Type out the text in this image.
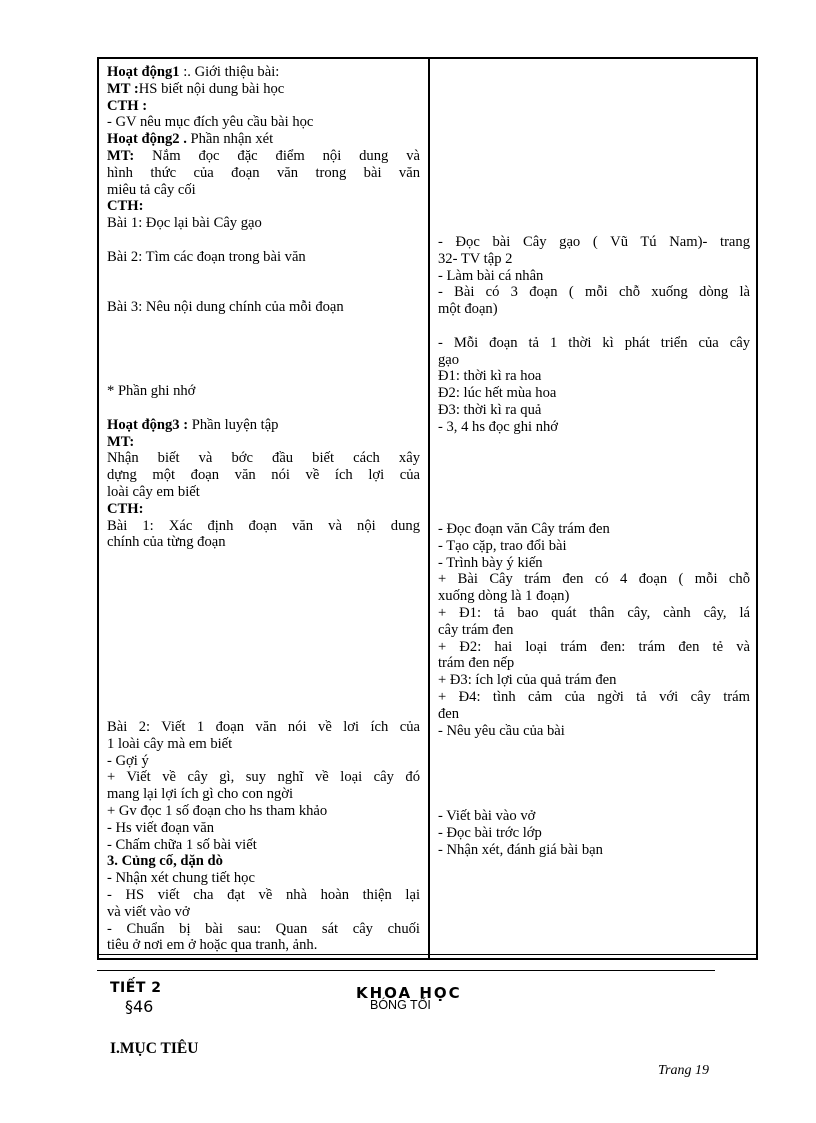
Hoạt động1 :. Giới thiệu bài:
MT :HS biết nội dung bài học
CTH :
- GV nêu mục đích yêu cầu bài học
Hoạt động2 . Phần nhận xét
MT: Nắm đọc đặc điểm nội dung và
hình thức của đoạn văn trong bài văn
miêu tả cây cối
CTH:
Bài 1: Đọc lại bài Cây gạo
Bài 2: Tìm các đoạn trong bài văn
Bài 3: Nêu nội dung chính của mỗi đoạn
* Phần ghi nhớ
Hoạt động3 : Phần luyện tập
MT:
Nhận biết và bớc đầu biết cách xây
dựng một đoạn văn nói về ích lợi của
loài cây em biết
CTH:
Bài 1: Xác định đoạn văn và nội dung
chính của từng đoạn
Bài 2: Viết 1 đoạn văn nói về lơi ích của
1 loài cây mà em biết
- Gợi ý
+ Viết về cây gì, suy nghĩ về loại cây đó
mang lại lợi ích gì cho con ngời
+ Gv đọc 1 số đoạn cho hs tham khảo
- Hs viết đoạn văn
- Chấm chữa 1 số bài viết
3. Củng cố, dặn dò
- Nhận xét chung tiết học
- HS viết cha đạt về nhà hoàn thiện lại
và viết vào vở
- Chuẩn bị bài sau: Quan sát cây chuối
tiêu ở nơi em ở hoặc qua tranh, ảnh.
- Đọc bài Cây gạo ( Vũ Tú Nam)- trang
32- TV tập 2
- Làm bài cá nhân
- Bài có 3 đoạn ( mỗi chỗ xuống dòng là
một đoạn)
- Mỗi đoạn tả 1 thời kì phát triển của cây
gạo
Đ1: thời kì ra hoa
Đ2: lúc hết mùa hoa
Đ3: thời kì ra quả
- 3, 4 hs đọc ghi nhớ
- Đọc đoạn văn Cây trám đen
- Tạo cặp, trao đổi bài
- Trình bày ý kiến
+ Bài Cây trám đen có 4 đoạn ( mỗi chỗ
xuống dòng là 1 đoạn)
+ Đ1: tả bao quát thân cây, cành cây, lá
cây trám đen
+ Đ2: hai loại trám đen: trám đen tẻ và
trám đen nếp
+ Đ3: ích lợi của quả trám đen
+ Đ4: tình cảm của ngời tả với cây trám
đen
- Nêu yêu cầu của bài
- Viết bài vào vở
- Đọc bài trớc lớp
- Nhận xét, đánh giá bài bạn
TIẾT 2
§46
KHOA HỌC
BÓNG TỐI
I.MỤC TIÊU
Trang 19
